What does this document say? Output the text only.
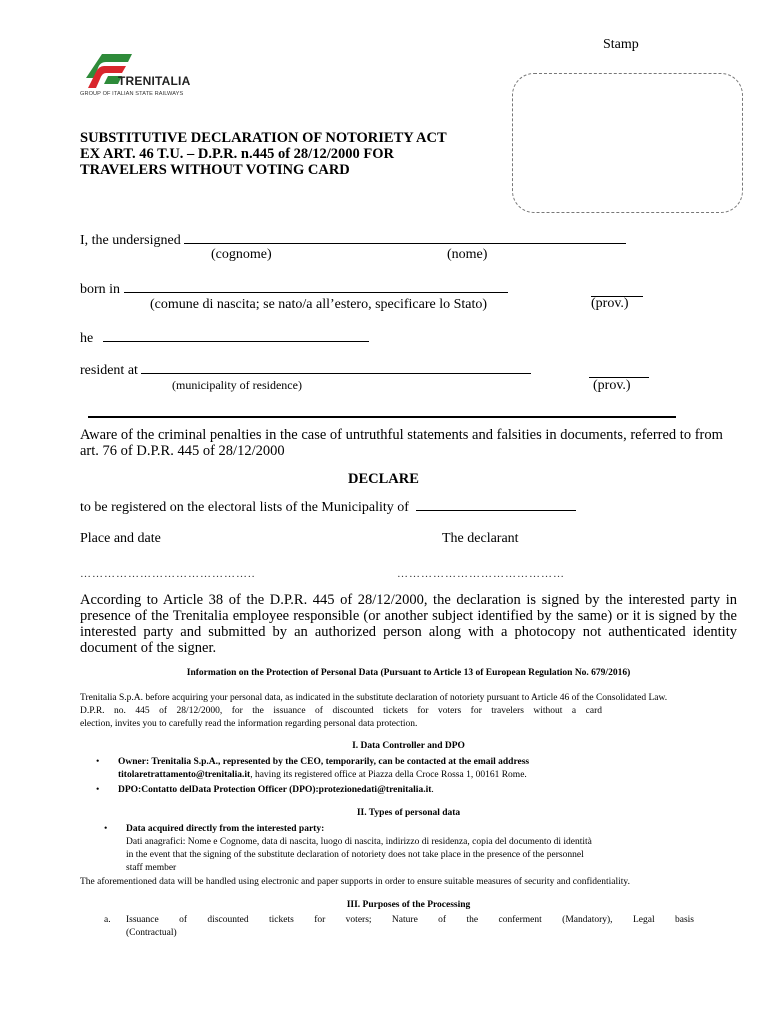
TRENITALIA
GROUP OF ITALIAN STATE RAILWAYS
Stamp
SUBSTITUTIVE DECLARATION OF NOTORIETY ACT
EX ART. 46 T.U. – D.P.R. n.445 of 28/12/2000 FOR
TRAVELERS WITHOUT VOTING CARD
I, the undersigned
(cognome)	(nome)
born in
(comune di nascita; se nato/a all’estero, specificare lo Stato)	(prov.)
he
resident at
(municipality of residence)	(prov.)
Aware of the criminal penalties in the case of untruthful statements and falsities in documents, referred to from art. 76 of D.P.R. 445 of 28/12/2000
DECLARE
to be registered on the electoral lists of the Municipality of
Place and date	The declarant
……………………………………..	……………………………………
According to Article 38 of the D.P.R. 445 of 28/12/2000, the declaration is signed by the interested party in presence of the Trenitalia employee responsible (or another subject identified by the same) or it is signed by the interested party and submitted by an authorized person along with a photocopy not authenticated identity document of the signer.
Information on the Protection of Personal Data (Pursuant to Article 13 of European Regulation No. 679/2016)
Trenitalia S.p.A. before acquiring your personal data, as indicated in the substitute declaration of notoriety pursuant to Article 46 of the Consolidated Law.
D.P.R. no. 445 of 28/12/2000, for the issuance of discounted tickets for voters for travelers without a card
election, invites you to carefully read the information regarding personal data protection.
I. Data Controller and DPO
• Owner: Trenitalia S.p.A., represented by the CEO, temporarily, can be contacted at the email address
titolaretrattamento@trenitalia.it, having its registered office at Piazza della Croce Rossa 1, 00161 Rome.
• DPO:Contatto delData Protection Officer (DPO):protezionedati@trenitalia.it.
II. Types of personal data
• Data acquired directly from the interested party:
Dati anagrafici: Nome e Cognome, data di nascita, luogo di nascita, indirizzo di residenza, copia del documento di identità
in the event that the signing of the substitute declaration of notoriety does not take place in the presence of the personnel
staff member
The aforementioned data will be handled using electronic and paper supports in order to ensure suitable measures of security and confidentiality.
III. Purposes of the Processing
a. Issuance of discounted tickets for voters; Nature of the conferment (Mandatory), Legal basis
(Contractual)
